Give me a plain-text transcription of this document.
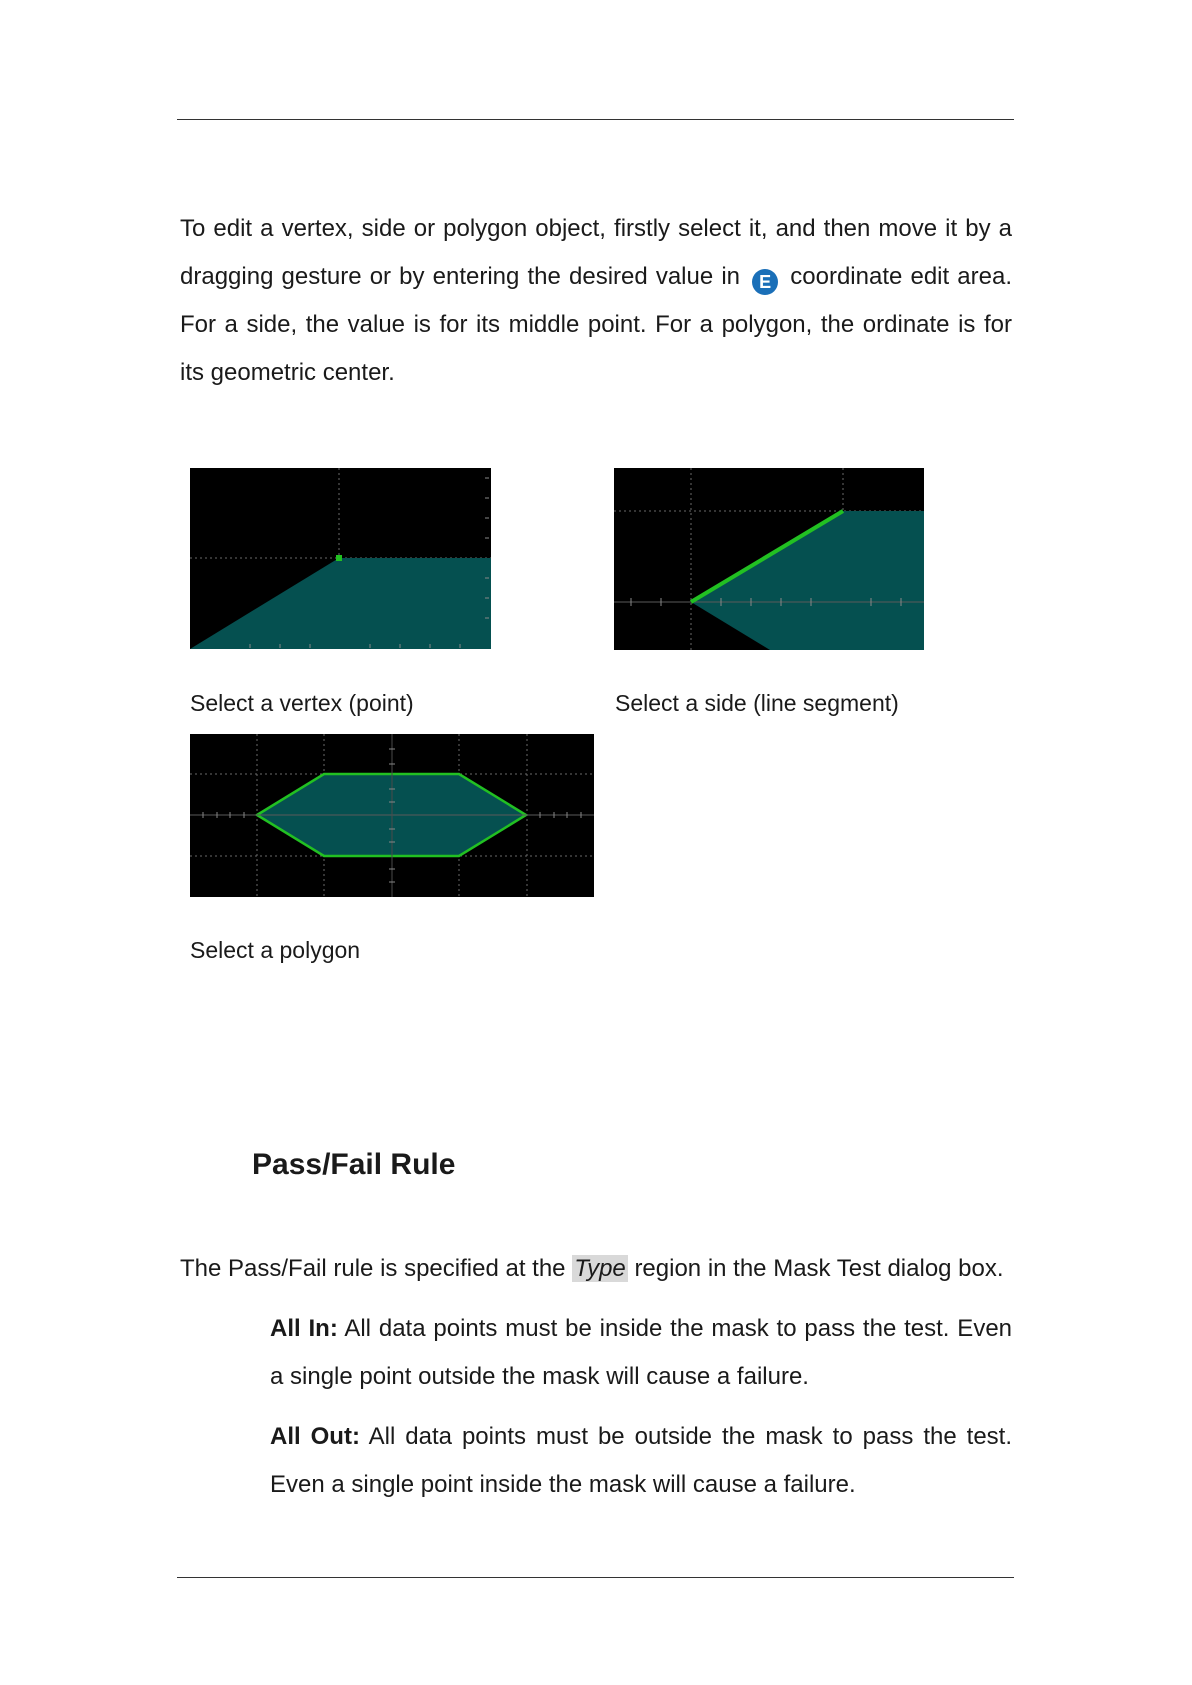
To edit a vertex, side or polygon object, firstly select it, and then move it by a dragging gesture or by entering the desired value in E coordinate edit area. For a side, the value is for its middle point. For a polygon, the ordinate is for its geometric center.

Select a vertex (point)	Select a side (line segment)

Select a polygon

Pass/Fail Rule

The Pass/Fail rule is specified at the Type region in the Mask Test dialog box.

All In: All data points must be inside the mask to pass the test. Even a single point outside the mask will cause a failure.

All Out: All data points must be outside the mask to pass the test. Even a single point inside the mask will cause a failure.
